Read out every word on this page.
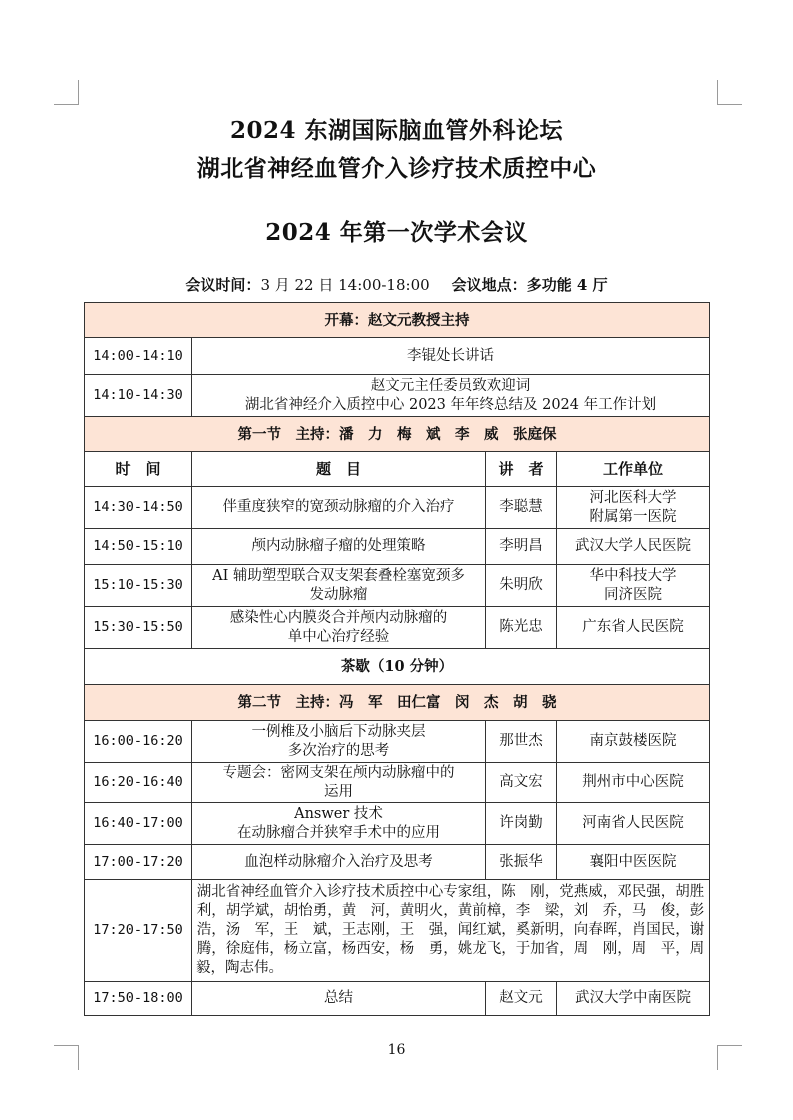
2024 东湖国际脑血管外科论坛
湖北省神经血管介入诊疗技术质控中心
2024 年第一次学术会议
会议时间：3 月 22 日 14:00-18:00 会议地点：多功能 4 厅
开幕：赵文元教授主持			
14:00-14:10	李锟处长讲话		

14:10-14:30	赵文元主任委员致欢迎词
湖北省神经介入质控中心 2023 年年终总结及 2024 年工作计划		

第一节　主持：潘　力　梅　斌　李　威　张庭保			
时　间	题　目	讲　者	工作单位
14:30-14:50	伴重度狭窄的宽颈动脉瘤的介入治疗	李聪慧	河北医科大学
附属第一医院

14:50-15:10	颅内动脉瘤子瘤的处理策略	李明昌	武汉大学人民医院

15:10-15:30	AI 辅助塑型联合双支架套叠栓塞宽颈多
发动脉瘤	朱明欣	华中科技大学
同济医院

15:30-15:50	感染性心内膜炎合并颅内动脉瘤的
单中心治疗经验	陈光忠	广东省人民医院

茶歇（10 分钟）			
第二节　主持：冯　军　田仁富　闵　杰　胡　骁			
16:00-16:20	一例椎及小脑后下动脉夹层
多次治疗的思考	那世杰	南京鼓楼医院

16:20-16:40	专题会：密网支架在颅内动脉瘤中的
运用	高文宏	荆州市中心医院

16:40-17:00	Answer 技术
在动脉瘤合并狭窄手术中的应用	许岗勤	河南省人民医院

17:00-17:20	血泡样动脉瘤介入治疗及思考	张振华	襄阳中医医院

17:20-17:50	湖北省神经血管介入诊疗技术质控中心专家组，陈　刚，党燕威，邓民强，胡胜利，胡学斌，胡怡勇，黄　河，黄明火，黄前樟，李　梁，刘　乔，马　俊，彭　浩，汤　军，王　斌，王志刚，王　强，闻红斌，奚新明，向春晖，肖国民，谢　腾，徐庭伟，杨立富，杨西安，杨　勇，姚龙飞，于加省，周　刚，周　平，周　毅，陶志伟。		
17:50-18:00	总结	赵文元	武汉大学中南医院
16
